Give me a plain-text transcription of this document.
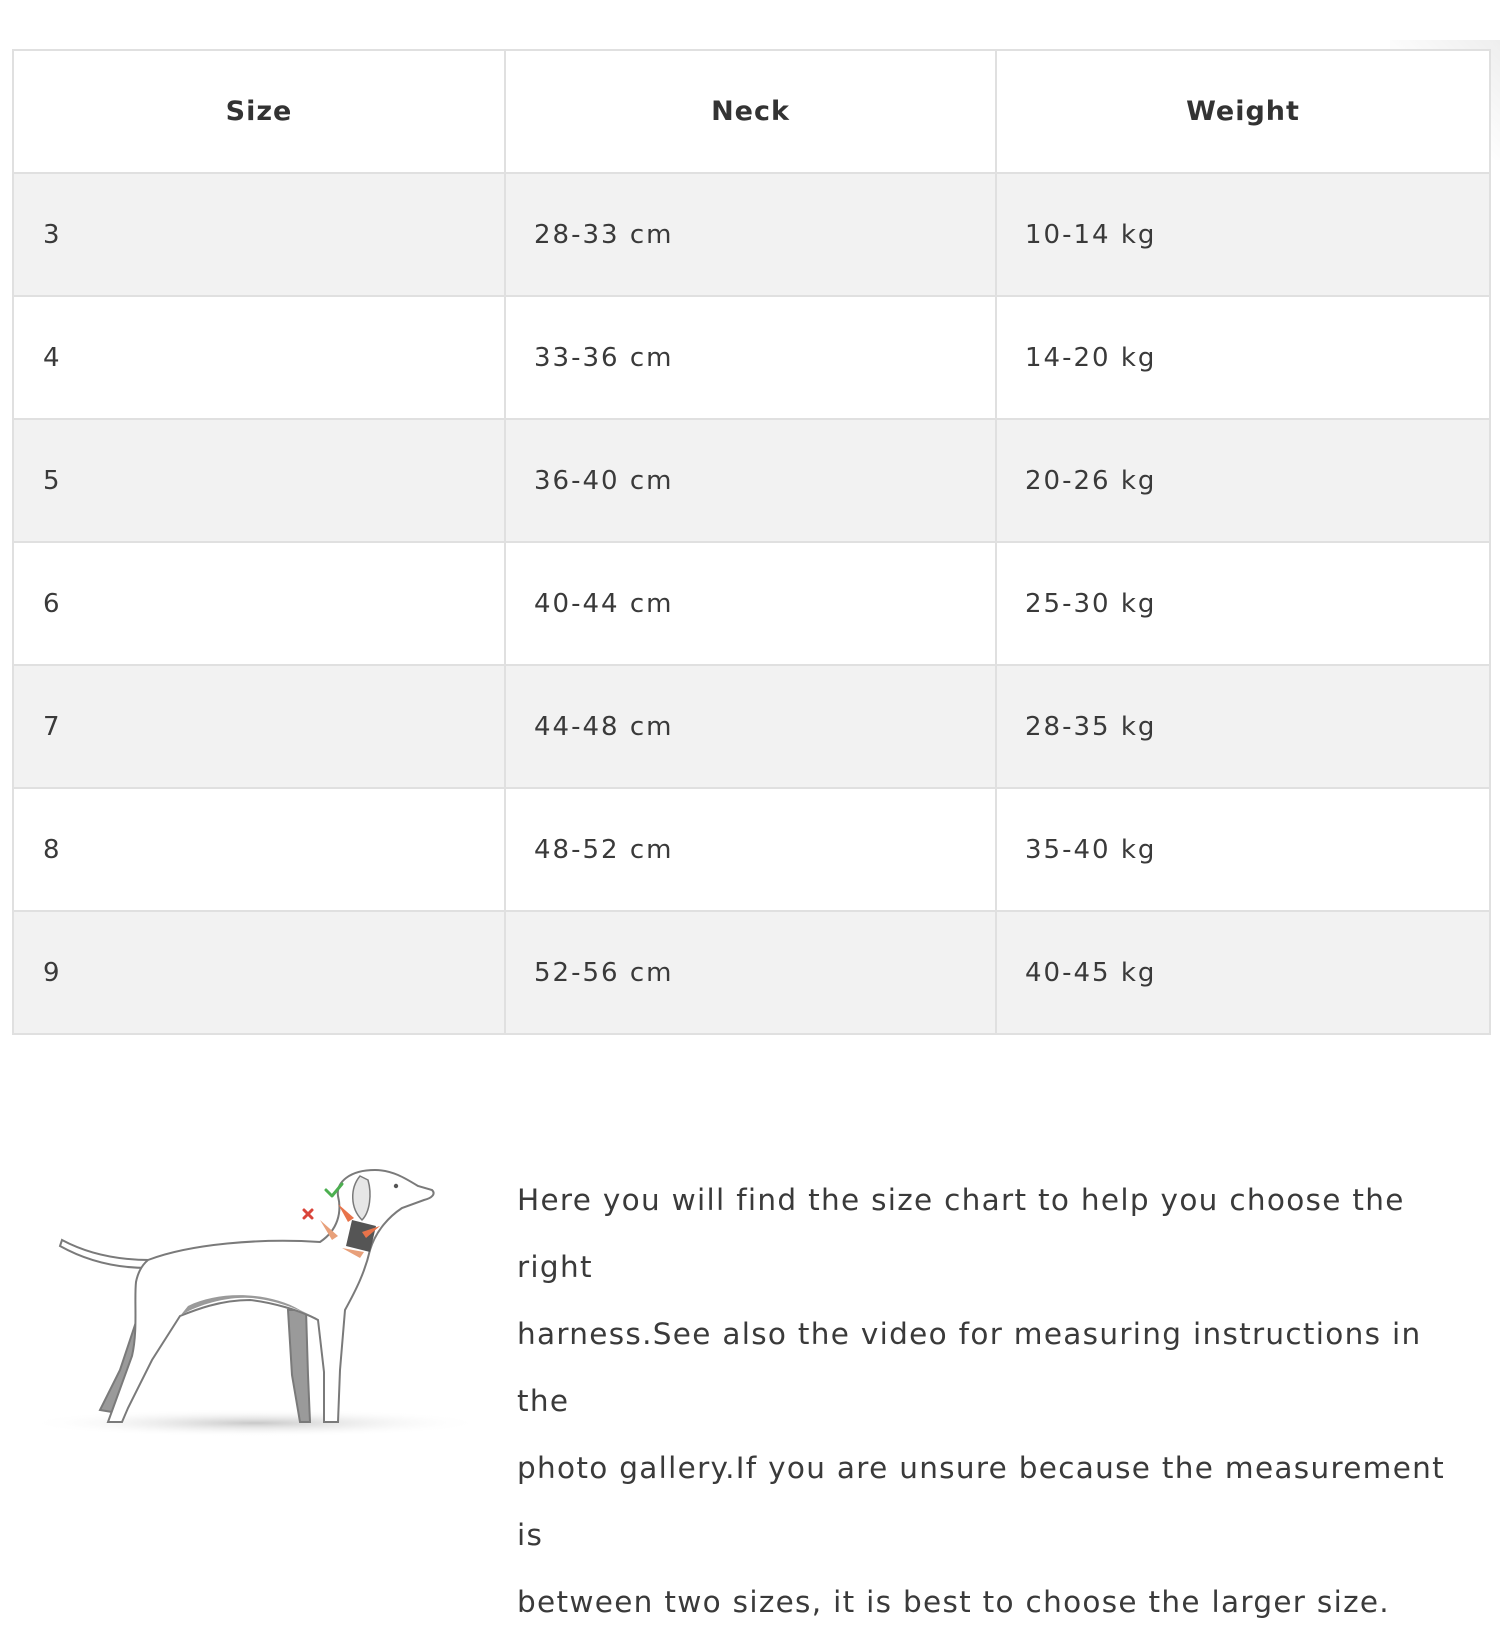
Size	Neck	Weight
3	28-33 cm	10-14 kg
4	33-36 cm	14-20 kg
5	36-40 cm	20-26 kg
6	40-44 cm	25-30 kg
7	44-48 cm	28-35 kg
8	48-52 cm	35-40 kg
9	52-56 cm	40-45 kg

Here you will find the size chart to help you choose the right
harness.See also the video for measuring instructions in the
photo gallery.If you are unsure because the measurement is
between two sizes, it is best to choose the larger size.
